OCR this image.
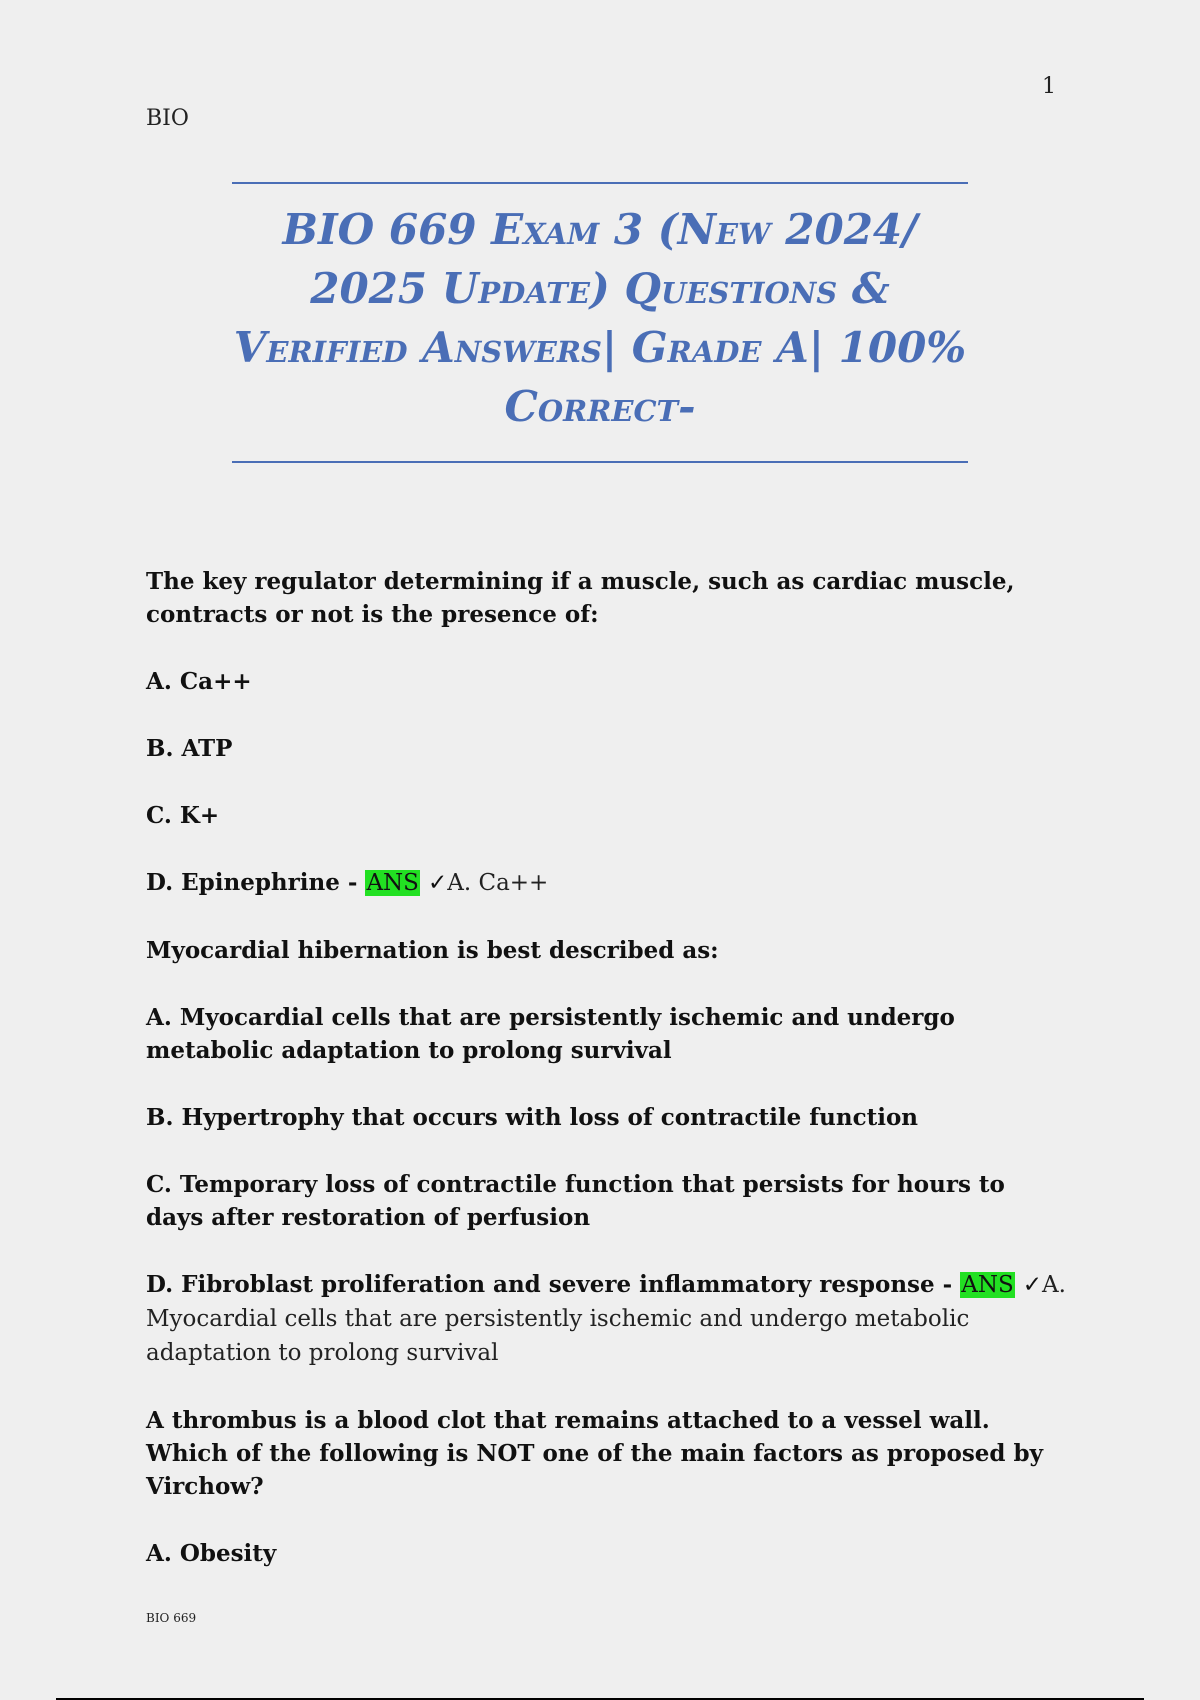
1
BIO
BIO 669 Exam 3 (New 2024/
2025 Update) Questions &
Verified Answers| Grade A| 100%
Correct-

The key regulator determining if a muscle, such as cardiac muscle, contracts or not is the presence of:

A. Ca++

B. ATP

C. K+

D. Epinephrine - ANS ✓A. Ca++

Myocardial hibernation is best described as:

A. Myocardial cells that are persistently ischemic and undergo metabolic adaptation to prolong survival

B. Hypertrophy that occurs with loss of contractile function

C. Temporary loss of contractile function that persists for hours to days after restoration of perfusion

D. Fibroblast proliferation and severe inflammatory response - ANS ✓A. Myocardial cells that are persistently ischemic and undergo metabolic adaptation to prolong survival

A thrombus is a blood clot that remains attached to a vessel wall. Which of the following is NOT one of the main factors as proposed by Virchow?

A. Obesity

BIO 669
